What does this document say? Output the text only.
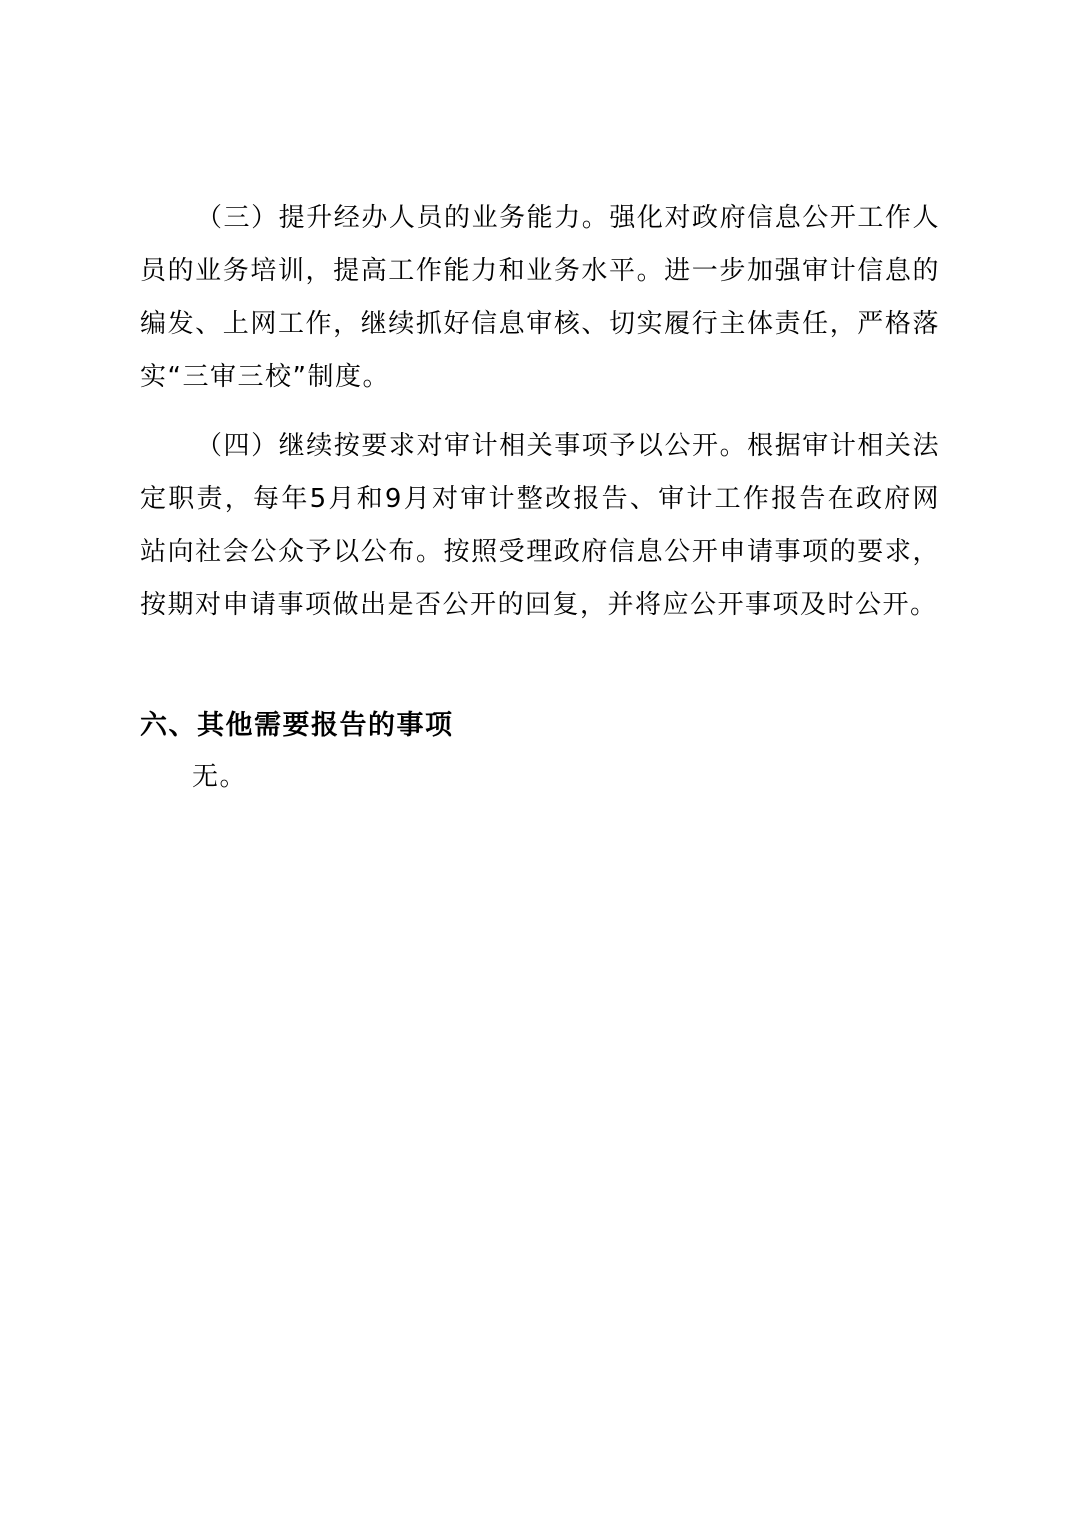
（三）提升经办人员的业务能力。强化对政府信息公开工作人员的业务培训，提高工作能力和业务水平。进一步加强审计信息的编发、上网工作，继续抓好信息审核、切实履行主体责任，严格落实“三审三校”制度。

（四）继续按要求对审计相关事项予以公开。根据审计相关法定职责，每年5月和9月对审计整改报告、审计工作报告在政府网站向社会公众予以公布。按照受理政府信息公开申请事项的要求，按期对申请事项做出是否公开的回复，并将应公开事项及时公开。

六、其他需要报告的事项

无。
